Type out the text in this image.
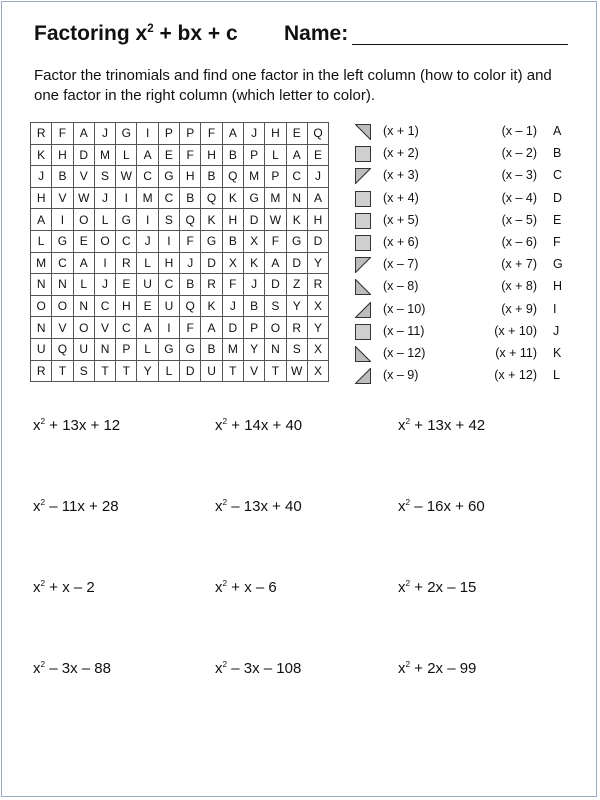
Factoring $x^2$ + bx + c Name:
Factor the trinomials and find one factor in the left column (how to color it) and one factor in the right column (which letter to color).
R	F	A	J	G	I	P	P	F	A	J	H	E	Q
K	H	D	M	L	A	E	F	H	B	P	L	A	E
J	B	V	S	W	C	G	H	B	Q	M	P	C	J
H	V	W	J	I	M	C	B	Q	K	G	M	N	A
A	I	O	L	G	I	S	Q	K	H	D	W	K	H
L	G	E	O	C	J	I	F	G	B	X	F	G	D
M	C	A	I	R	L	H	J	D	X	K	A	D	Y
N	N	L	J	E	U	C	B	R	F	J	D	Z	R
O	O	N	C	H	E	U	Q	K	J	B	S	Y	X
N	V	O	V	C	A	I	F	A	D	P	O	R	Y
U	Q	U	N	P	L	G	G	B	M	Y	N	S	X
R	T	S	T	T	Y	L	D	U	T	V	T	W	X
(x + 1)	(x – 1) A
(x + 2)	(x – 2) B
(x + 3)	(x – 3) C
(x + 4)	(x – 4) D
(x + 5)	(x – 5) E
(x + 6)	(x – 6) F
(x – 7)	(x + 7) G
(x – 8)	(x + 8) H
(x – 10)	(x + 9) I
(x – 11)	(x + 10) J
(x – 12)	(x + 11) K
(x – 9)	(x + 12) L
$x^2 + 13x + 12$	$x^2 + 14x + 40$	$x^2 + 13x + 42$
$x^2 - 11x + 28$	$x^2 - 13x + 40$	$x^2 - 16x + 60$
$x^2 + x - 2$	$x^2 + x - 6$	$x^2 + 2x - 15$
$x^2 - 3x - 88$	$x^2 - 3x - 108$	$x^2 + 2x - 99$
